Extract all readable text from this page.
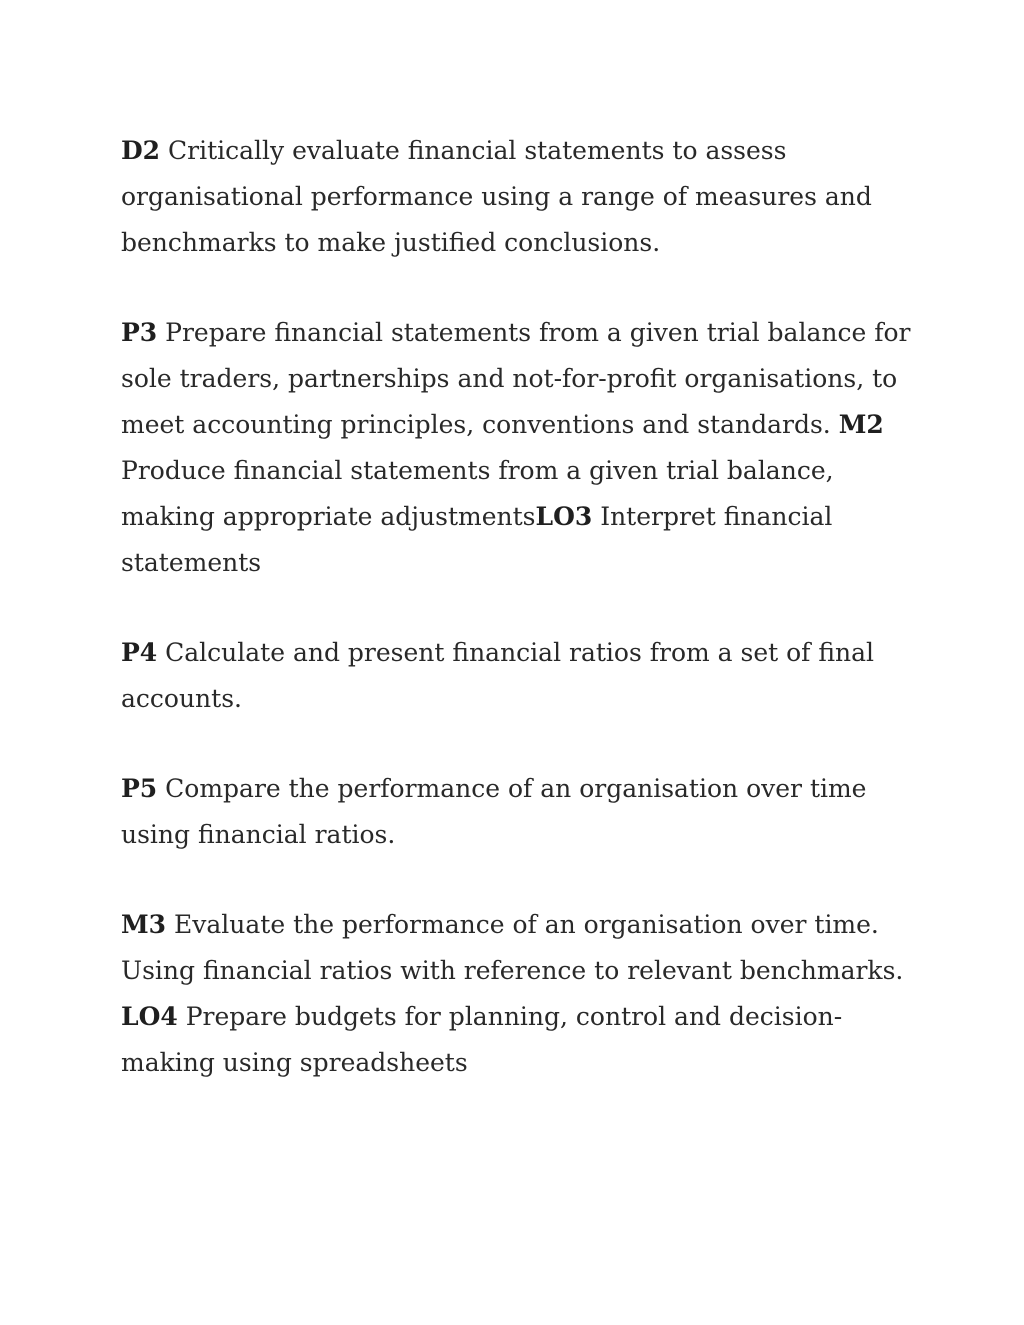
D2 Critically evaluate financial statements to assess organisational performance using a range of measures and benchmarks to make justified conclusions.

P3 Prepare financial statements from a given trial balance for sole traders, partnerships and not-for-profit organisations, to meet accounting principles, conventions and standards. M2 Produce financial statements from a given trial balance, making appropriate adjustmentsLO3 Interpret financial statements

P4 Calculate and present financial ratios from a set of final accounts.

P5 Compare the performance of an organisation over time using financial ratios.

M3 Evaluate the performance of an organisation over time. Using financial ratios with reference to relevant benchmarks. LO4 Prepare budgets for planning, control and decision-making using spreadsheets
